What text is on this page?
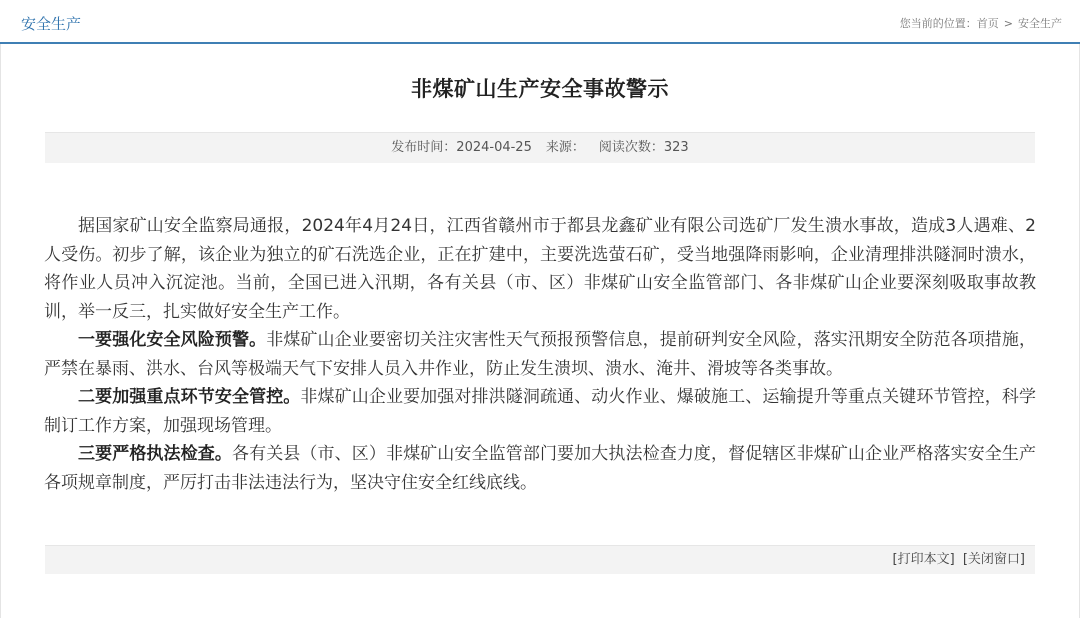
安全生产	您当前的位置：首页 > 安全生产
非煤矿山生产安全事故警示
发布时间：2024-04-25 来源： 阅读次数：323

据国家矿山安全监察局通报，2024年4月24日，江西省赣州市于都县龙鑫矿业有限公司选矿厂发生溃水事故，造成3人遇难、2人受伤。初步了解，该企业为独立的矿石洗选企业，正在扩建中，主要洗选萤石矿，受当地强降雨影响，企业清理排洪隧洞时溃水，将作业人员冲入沉淀池。当前，全国已进入汛期，各有关县（市、区）非煤矿山安全监管部门、各非煤矿山企业要深刻吸取事故教训，举一反三，扎实做好安全生产工作。

一要强化安全风险预警。非煤矿山企业要密切关注灾害性天气预报预警信息，提前研判安全风险，落实汛期安全防范各项措施，严禁在暴雨、洪水、台风等极端天气下安排人员入井作业，防止发生溃坝、溃水、淹井、滑坡等各类事故。

二要加强重点环节安全管控。非煤矿山企业要加强对排洪隧洞疏通、动火作业、爆破施工、运输提升等重点关键环节管控，科学制订工作方案，加强现场管理。

三要严格执法检查。各有关县（市、区）非煤矿山安全监管部门要加大执法检查力度，督促辖区非煤矿山企业严格落实安全生产各项规章制度，严厉打击非法违法行为，坚决守住安全红线底线。

[打印本文] [关闭窗口]
